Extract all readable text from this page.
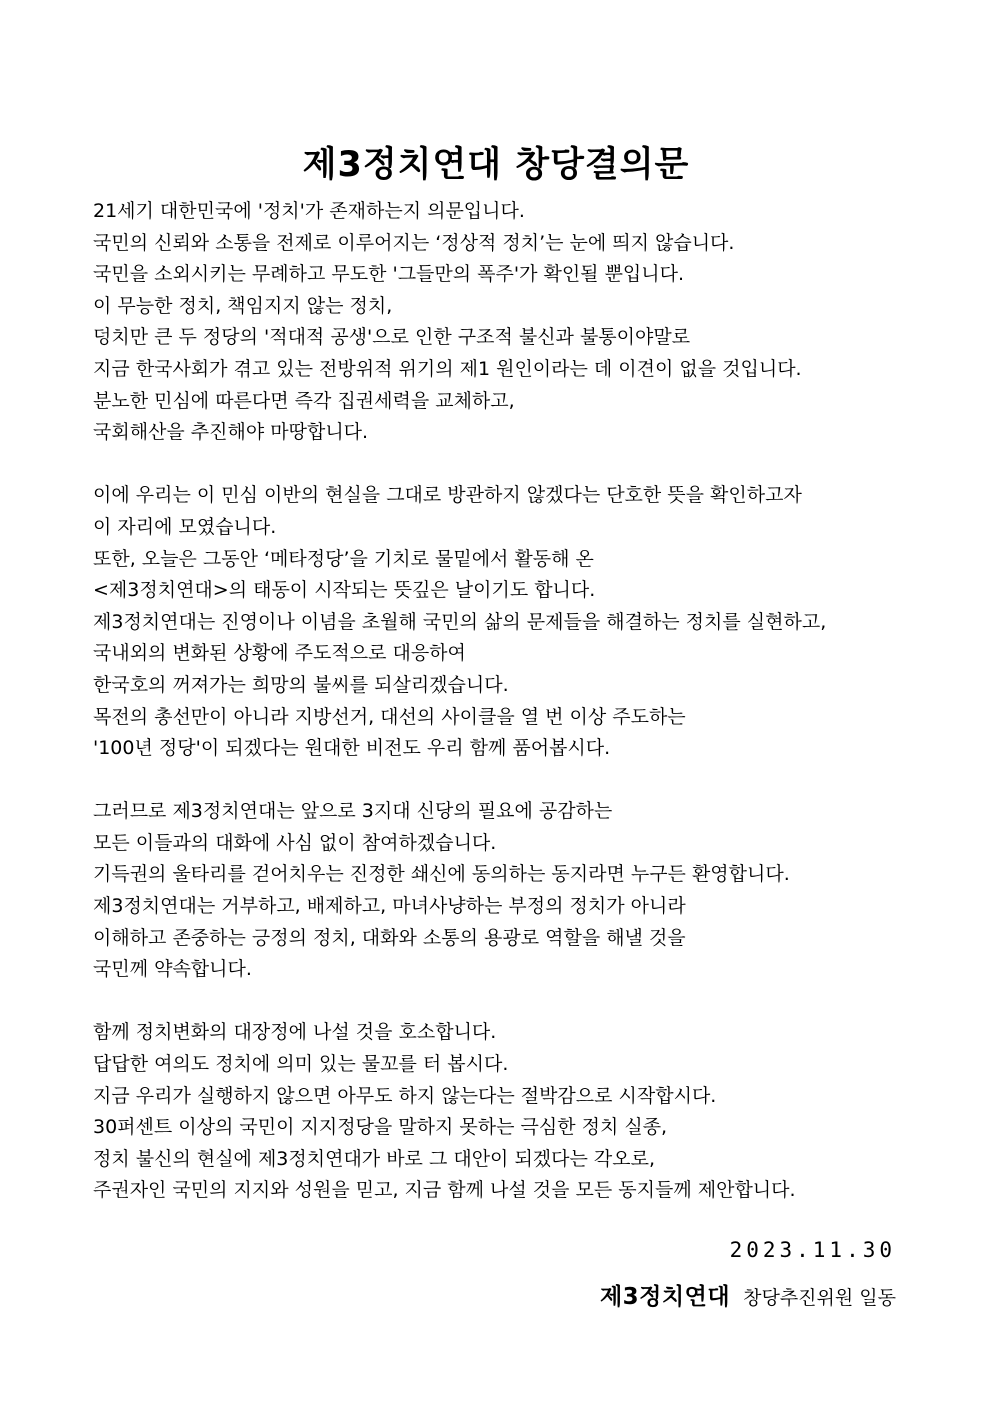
제3정치연대 창당결의문

21세기 대한민국에 '정치'가 존재하는지 의문입니다.
국민의 신뢰와 소통을 전제로 이루어지는 ‘정상적 정치’는 눈에 띄지 않습니다.
국민을 소외시키는 무례하고 무도한 '그들만의 폭주'가 확인될 뿐입니다.
이 무능한 정치, 책임지지 않는 정치,
덩치만 큰 두 정당의 '적대적 공생'으로 인한 구조적 불신과 불통이야말로
지금 한국사회가 겪고 있는 전방위적 위기의 제1 원인이라는 데 이견이 없을 것입니다.
분노한 민심에 따른다면 즉각 집권세력을 교체하고,
국회해산을 추진해야 마땅합니다.

이에 우리는 이 민심 이반의 현실을 그대로 방관하지 않겠다는 단호한 뜻을 확인하고자
이 자리에 모였습니다.
또한, 오늘은 그동안 ‘메타정당’을 기치로 물밑에서 활동해 온
<제3정치연대>의 태동이 시작되는 뜻깊은 날이기도 합니다.
제3정치연대는 진영이나 이념을 초월해 국민의 삶의 문제들을 해결하는 정치를 실현하고,
국내외의 변화된 상황에 주도적으로 대응하여
한국호의 꺼져가는 희망의 불씨를 되살리겠습니다.
목전의 총선만이 아니라 지방선거, 대선의 사이클을 열 번 이상 주도하는
'100년 정당'이 되겠다는 원대한 비전도 우리 함께 품어봅시다.

그러므로 제3정치연대는 앞으로 3지대 신당의 필요에 공감하는
모든 이들과의 대화에 사심 없이 참여하겠습니다.
기득권의 울타리를 걷어치우는 진정한 쇄신에 동의하는 동지라면 누구든 환영합니다.
제3정치연대는 거부하고, 배제하고, 마녀사냥하는 부정의 정치가 아니라
이해하고 존중하는 긍정의 정치, 대화와 소통의 용광로 역할을 해낼 것을
국민께 약속합니다.

함께 정치변화의 대장정에 나설 것을 호소합니다.
답답한 여의도 정치에 의미 있는 물꼬를 터 봅시다.
지금 우리가 실행하지 않으면 아무도 하지 않는다는 절박감으로 시작합시다.
30퍼센트 이상의 국민이 지지정당을 말하지 못하는 극심한 정치 실종,
정치 불신의 현실에 제3정치연대가 바로 그 대안이 되겠다는 각오로,
주권자인 국민의 지지와 성원을 믿고, 지금 함께 나설 것을 모든 동지들께 제안합니다.

2023.11.30
제3정치연대 창당추진위원 일동
